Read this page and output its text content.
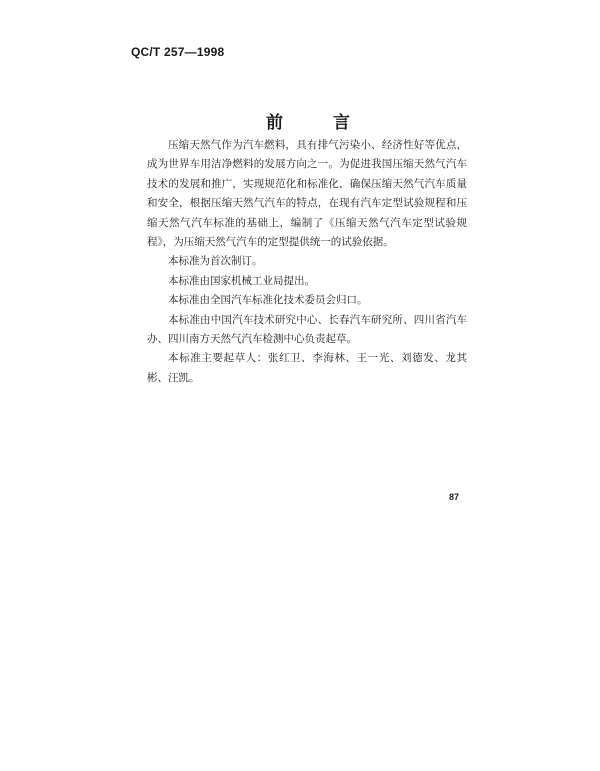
QC/T 257—1998
前言

压缩天然气作为汽车燃料，具有排气污染小、经济性好等优点，成为世界车用洁净燃料的发展方向之一。为促进我国压缩天然气汽车技术的发展和推广，实现规范化和标准化，确保压缩天然气汽车质量和安全，根据压缩天然气汽车的特点，在现有汽车定型试验规程和压缩天然气汽车标准的基础上，编制了《压缩天然气汽车定型试验规程》，为压缩天然气汽车的定型提供统一的试验依据。

本标准为首次制订。

本标准由国家机械工业局提出。

本标准由全国汽车标准化技术委员会归口。

本标准由中国汽车技术研究中心、长春汽车研究所、四川省汽车办、四川南方天然气汽车检测中心负责起草。

本标准主要起草人：张红卫、李海林、王一光、刘德发、龙其彬、汪凯。

87
